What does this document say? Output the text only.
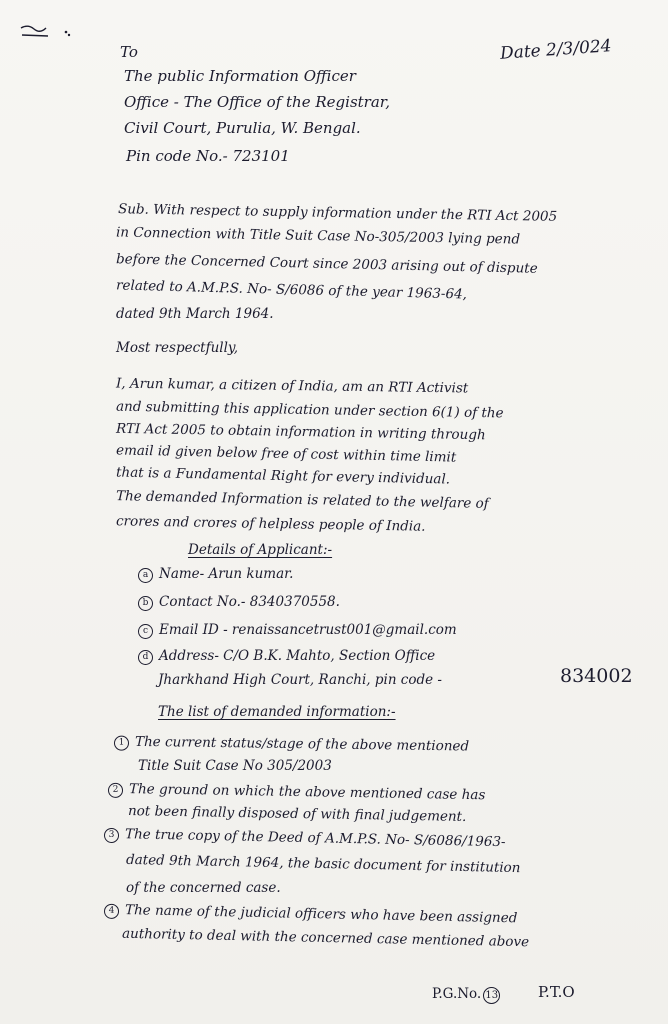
To	Date 2/3/024
The public Information Officer
Office - The Office of the Registrar,
Civil Court, Purulia, W. Bengal.
Pin code No.- 723101
Sub. With respect to supply information under the RTI Act 2005
in Connection with Title Suit Case No-305/2003 lying pend
before the Concerned Court since 2003 arising out of dispute
related to A.M.P.S. No- S/6086 of the year 1963-64,
dated 9th March 1964.
Most respectfully,
I, Arun kumar, a citizen of India, am an RTI Activist
and submitting this application under section 6(1) of the
RTI Act 2005 to obtain information in writing through
email id given below free of cost within time limit
that is a Fundamental Right for every individual.
The demanded Information is related to the welfare of
crores and crores of helpless people of India.
Details of Applicant:-
a Name- Arun kumar.
b Contact No.- 8340370558.
c Email ID - renaissancetrust001@gmail.com
d Address- C/O B.K. Mahto, Section Office
Jharkhand High Court, Ranchi, pin code -	834002
The list of demanded information:-
1 The current status/stage of the above mentioned
Title Suit Case No 305/2003
2 The ground on which the above mentioned case has
not been finally disposed of with final judgement.
3 The true copy of the Deed of A.M.P.S. No- S/6086/1963-
dated 9th March 1964, the basic document for institution
of the concerned case.
4 The name of the judicial officers who have been assigned
authority to deal with the concerned case mentioned above
P.G.No. 13	P.T.O
